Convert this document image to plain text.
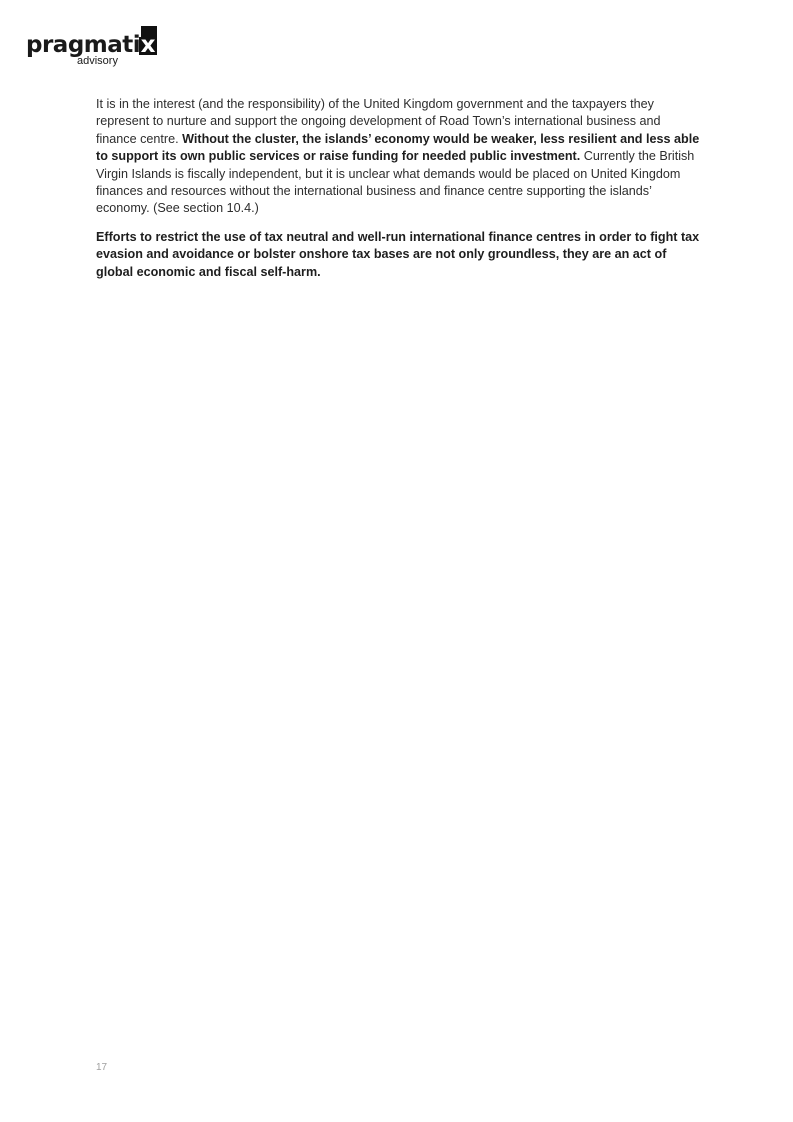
pragmati x
advisory

It is in the interest (and the responsibility) of the United Kingdom government and the taxpayers they represent to nurture and support the ongoing development of Road Town’s international business and finance centre. Without the cluster, the islands’ economy would be weaker, less resilient and less able to support its own public services or raise funding for needed public investment. Currently the British Virgin Islands is fiscally independent, but it is unclear what demands would be placed on United Kingdom finances and resources without the international business and finance centre supporting the islands’ economy. (See section 10.4.)

Efforts to restrict the use of tax neutral and well-run international finance centres in order to fight tax evasion and avoidance or bolster onshore tax bases are not only groundless, they are an act of global economic and fiscal self-harm.

17
